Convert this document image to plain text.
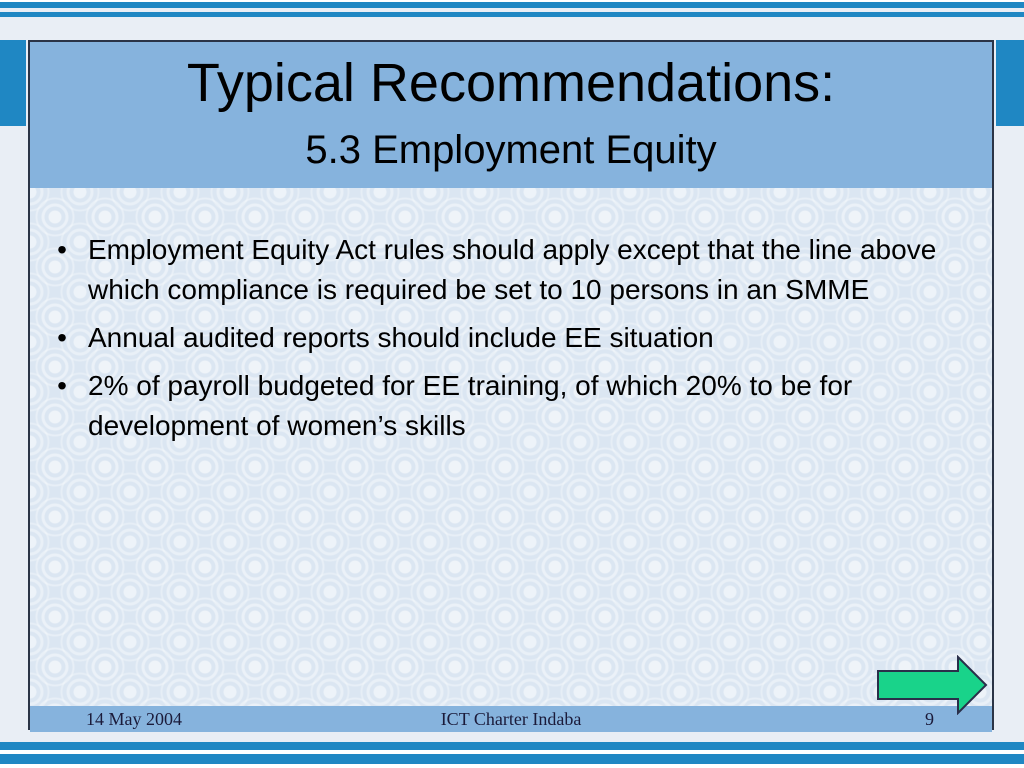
Typical Recommendations:
5.3 Employment Equity
• Employment Equity Act rules should apply except that the line above which compliance is required be set to 10 persons in an SMME
• Annual audited reports should include EE situation
• 2% of payroll budgeted for EE training, of which 20% to be for development of women’s skills
14 May 2004	ICT Charter Indaba	9
